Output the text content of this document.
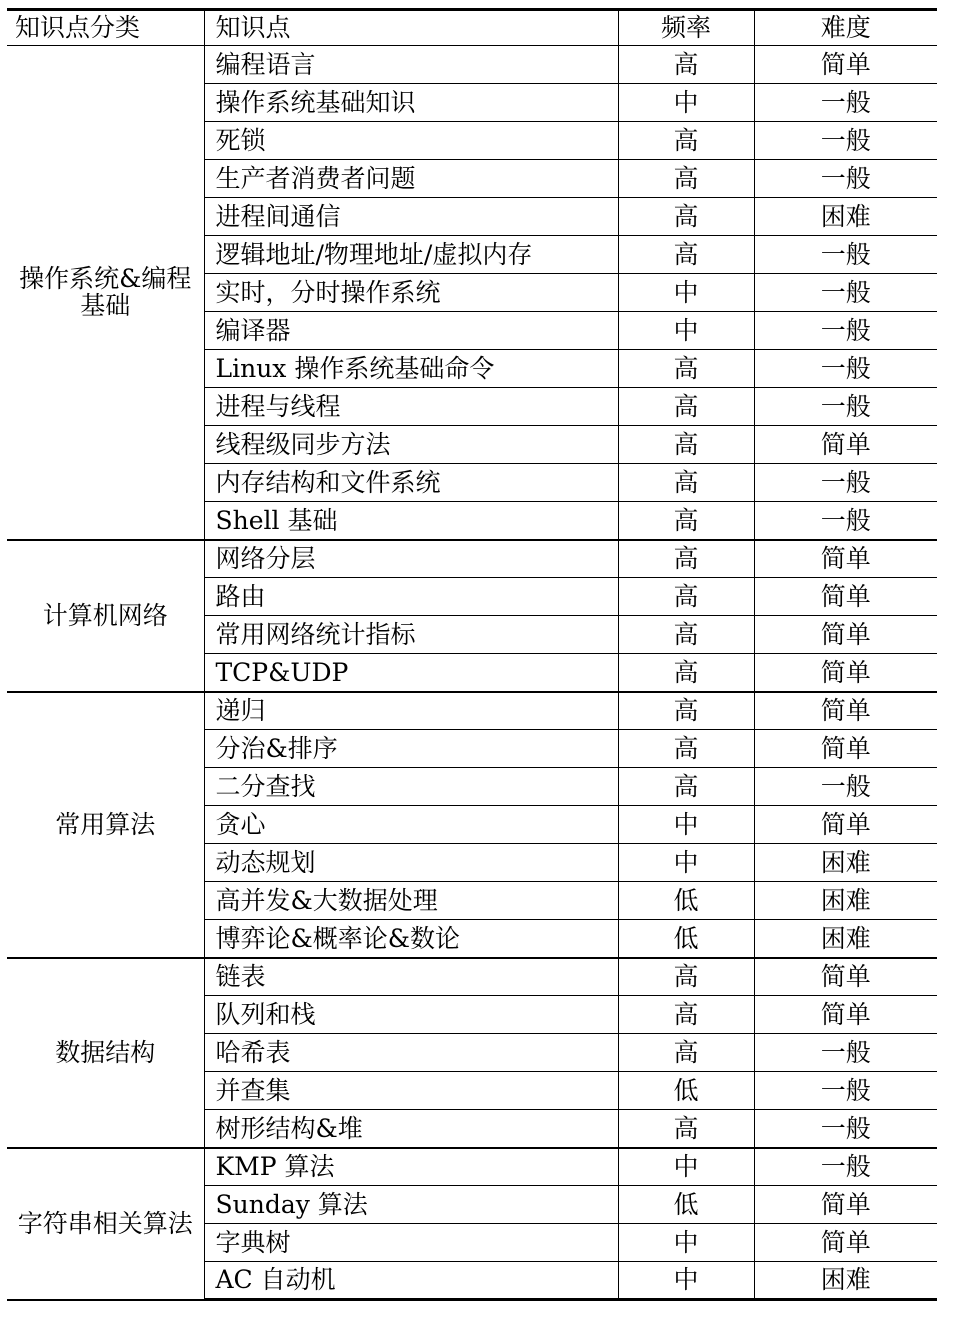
知识点分类	知识点	频率	难度
操作系统&编程基础	编程语言	高	简单
	操作系统基础知识	中	一般
	死锁	高	一般
	生产者消费者问题	高	一般
	进程间通信	高	困难
	逻辑地址/物理地址/虚拟内存	高	一般
	实时，分时操作系统	中	一般
	编译器	中	一般
	Linux 操作系统基础命令	高	一般
	进程与线程	高	一般
	线程级同步方法	高	简单
	内存结构和文件系统	高	一般
	Shell 基础	高	一般
计算机网络	网络分层	高	简单
	路由	高	简单
	常用网络统计指标	高	简单
	TCP&UDP	高	简单
常用算法	递归	高	简单
	分治&排序	高	简单
	二分查找	高	一般
	贪心	中	简单
	动态规划	中	困难
	高并发&大数据处理	低	困难
	博弈论&概率论&数论	低	困难
数据结构	链表	高	简单
	队列和栈	高	简单
	哈希表	高	一般
	并查集	低	一般
	树形结构&堆	高	一般
字符串相关算法	KMP 算法	中	一般
	Sunday 算法	低	简单
	字典树	中	简单
	AC 自动机	中	困难
